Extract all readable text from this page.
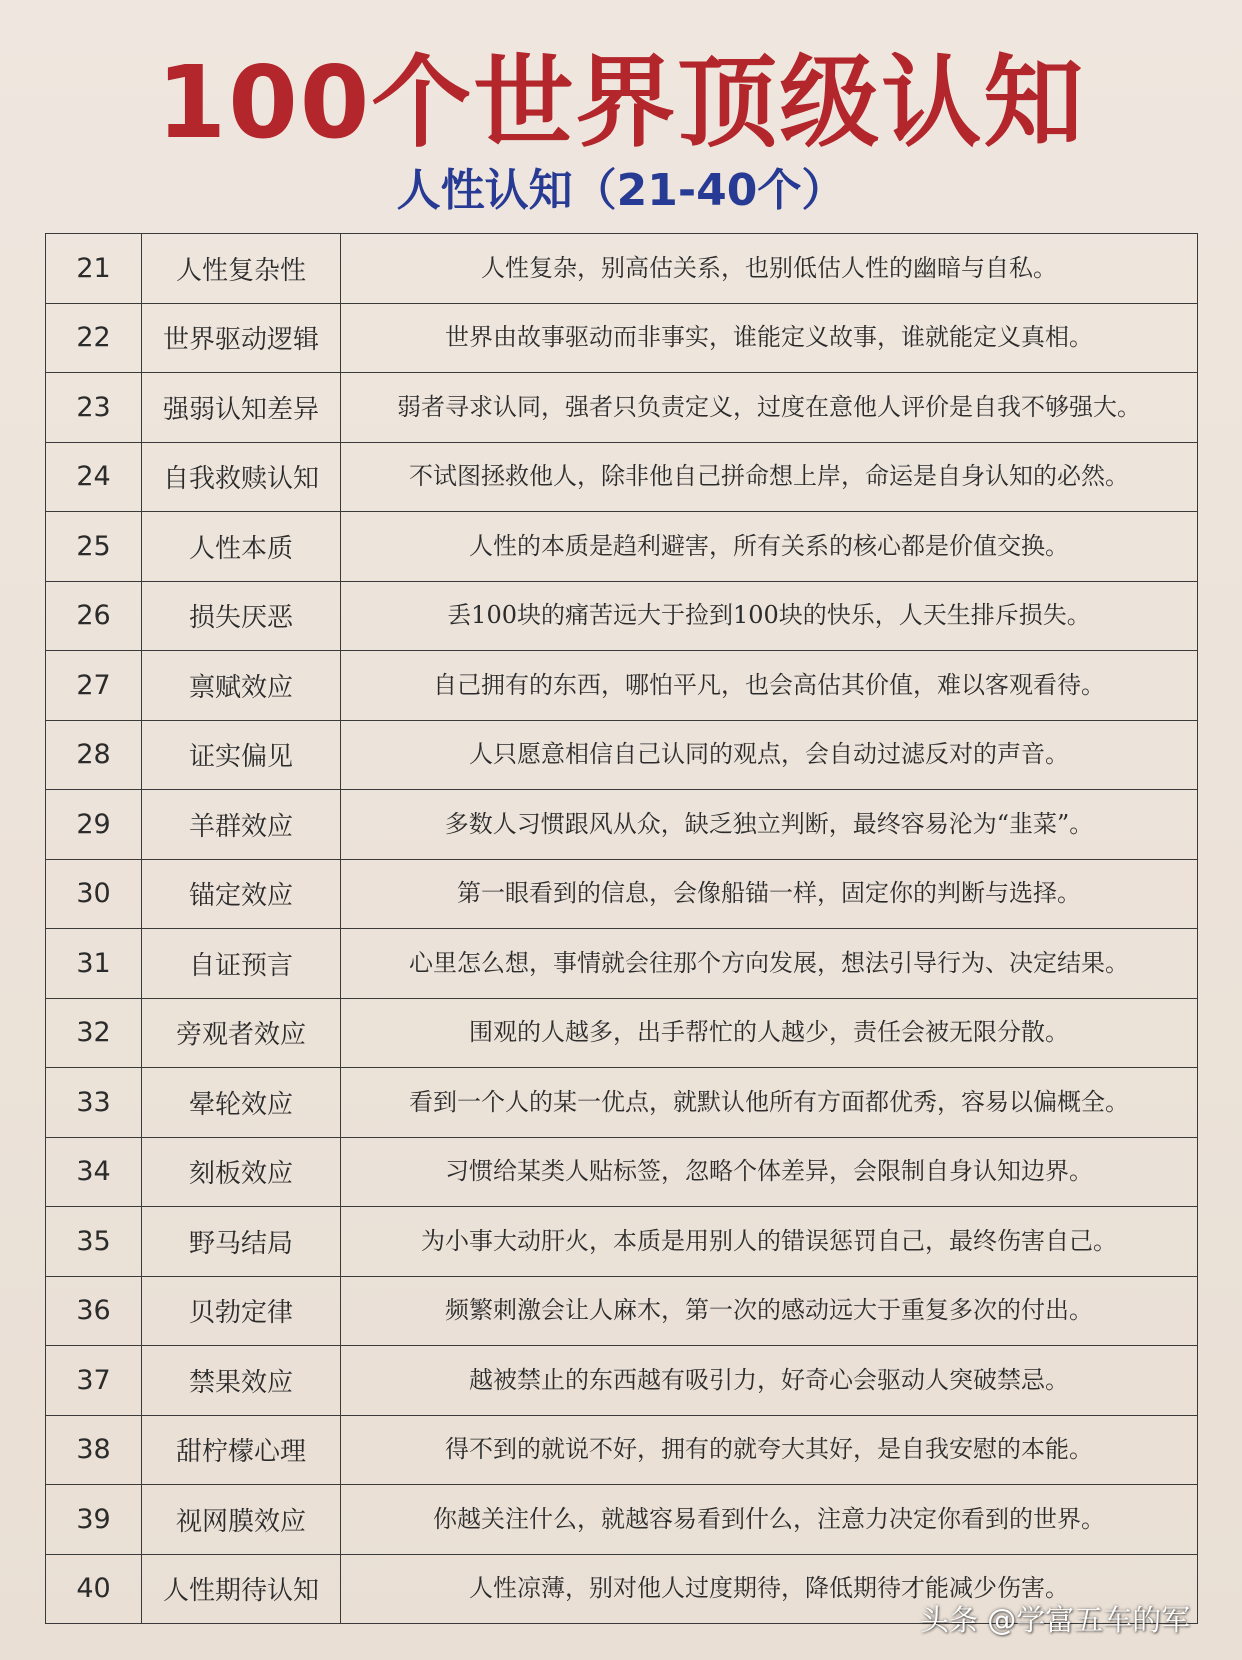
100个世界顶级认知
人性认知（21-40个）
21	人性复杂性	人性复杂，别高估关系，也别低估人性的幽暗与自私。
22	世界驱动逻辑	世界由故事驱动而非事实，谁能定义故事，谁就能定义真相。
23	强弱认知差异	弱者寻求认同，强者只负责定义，过度在意他人评价是自我不够强大。
24	自我救赎认知	不试图拯救他人，除非他自己拼命想上岸，命运是自身认知的必然。
25	人性本质	人性的本质是趋利避害，所有关系的核心都是价值交换。
26	损失厌恶	丢100块的痛苦远大于捡到100块的快乐，人天生排斥损失。
27	禀赋效应	自己拥有的东西，哪怕平凡，也会高估其价值，难以客观看待。
28	证实偏见	人只愿意相信自己认同的观点，会自动过滤反对的声音。
29	羊群效应	多数人习惯跟风从众，缺乏独立判断，最终容易沦为“韭菜”。
30	锚定效应	第一眼看到的信息，会像船锚一样，固定你的判断与选择。
31	自证预言	心里怎么想，事情就会往那个方向发展，想法引导行为、决定结果。
32	旁观者效应	围观的人越多，出手帮忙的人越少，责任会被无限分散。
33	晕轮效应	看到一个人的某一优点，就默认他所有方面都优秀，容易以偏概全。
34	刻板效应	习惯给某类人贴标签，忽略个体差异，会限制自身认知边界。
35	野马结局	为小事大动肝火，本质是用别人的错误惩罚自己，最终伤害自己。
36	贝勃定律	频繁刺激会让人麻木，第一次的感动远大于重复多次的付出。
37	禁果效应	越被禁止的东西越有吸引力，好奇心会驱动人突破禁忌。
38	甜柠檬心理	得不到的就说不好，拥有的就夸大其好，是自我安慰的本能。
39	视网膜效应	你越关注什么，就越容易看到什么，注意力决定你看到的世界。
40	人性期待认知	人性凉薄，别对他人过度期待，降低期待才能减少伤害。
头条 @学富五车的军
